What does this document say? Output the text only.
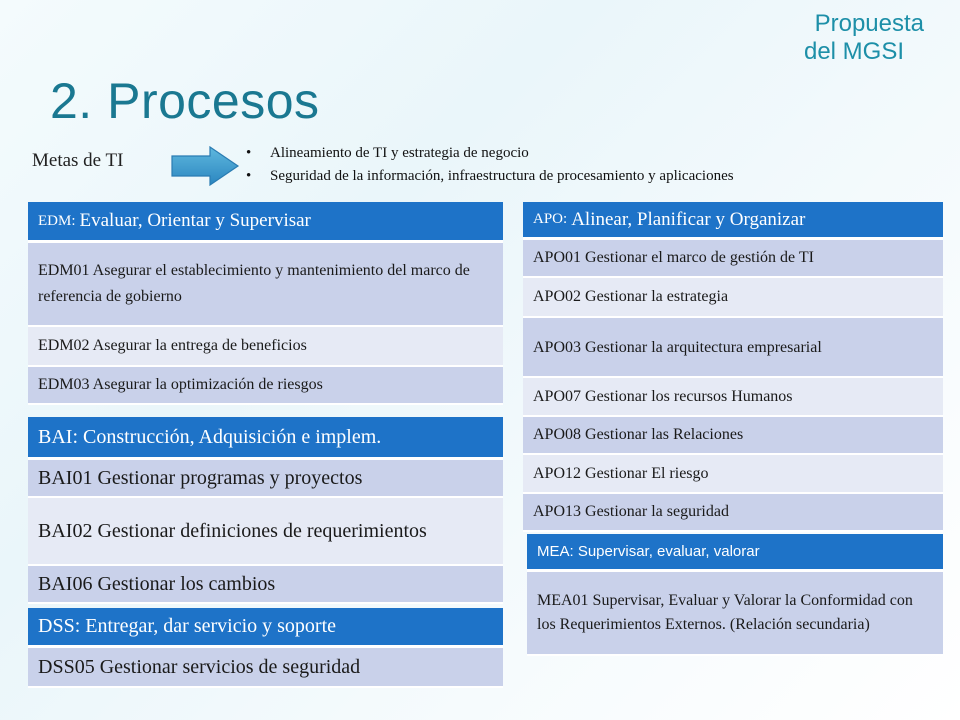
Propuesta
del MGSI
2. Procesos
Metas de TI
•	Alineamiento de TI y estrategia de negocio
• Seguridad de la información, infraestructura de procesamiento y aplicaciones
EDM: Evaluar, Orientar y Supervisar
EDM01 Asegurar el establecimiento y mantenimiento del marco de referencia de gobierno
EDM02 Asegurar la entrega de beneficios
EDM03 Asegurar la optimización de riesgos
BAI: Construcción, Adquisición e implem.
BAI01 Gestionar programas y proyectos
BAI02 Gestionar definiciones de requerimientos
BAI06 Gestionar los cambios
DSS: Entregar, dar servicio y soporte
DSS05 Gestionar servicios de seguridad
APO: Alinear, Planificar y Organizar
APO01 Gestionar el marco de gestión de TI
APO02 Gestionar la estrategia
APO03 Gestionar la arquitectura empresarial
APO07 Gestionar los recursos Humanos
APO08 Gestionar las Relaciones
APO12 Gestionar El riesgo
APO13 Gestionar la seguridad
MEA: Supervisar, evaluar, valorar
MEA01 Supervisar, Evaluar y Valorar la Conformidad con los Requerimientos Externos. (Relación secundaria)
